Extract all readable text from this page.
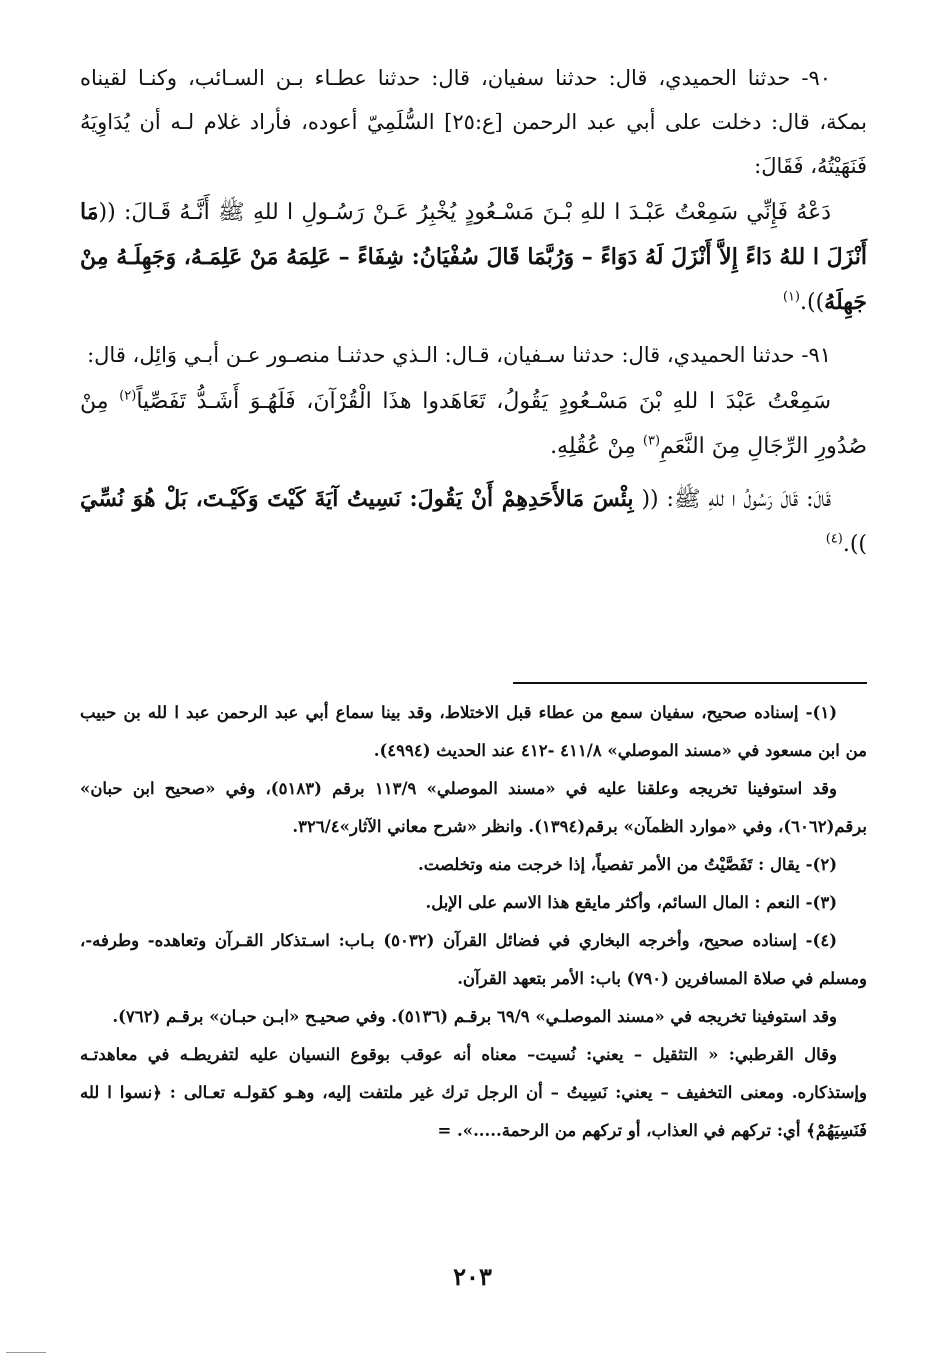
٩٠- حدثنا الحميدي، قال: حدثنا سفيان، قال: حدثنا عطـاء بـن السـائب، وكنـا لقيناه بمكة، قال: دخلت على أبي عبد الرحمن [ع:٢٥] السُّلَمِيّ أعوده، فأراد غلام لـه أن يُدَاوِيَهُ فَنَهَيْتُهُ، فَقَالَ:

دَعْهُ فَإِنِّي سَمِعْتُ عَبْـدَ ا للهِ بْـنَ مَسْـعُودٍ يُخْبِرُ عَـنْ رَسُـولِ ا للهِ ﷺ أَنَّـهُ قَـالَ: ((مَا أَنْزَلَ ا للهُ دَاءً إِلاَّ أَنْزَلَ لَهُ دَوَاءً – وَرُبَّمَا قَالَ سُفْيَانُ: شِفَاءً – عَلِمَهُ مَنْ عَلِمَـهُ، وَجَهِلَـهُ مِنْ جَهِلَهُ)).$^{(١)}$

٩١- حدثنا الحميدي، قال: حدثنا سـفيان، قـال: الـذي حدثنـا منصـور عـن أبـي وَائِل، قال:

سَمِعْتُ عَبْدَ ا للهِ بْنَ مَسْـعُودٍ يَقُولُ، تَعَاهَدوا هذَا الْقُرْآنَ، فَلَهُـوَ أَشَـدُّ تَفَصِّياً$^{(٢)}$ مِنْ صُدُورِ الرِّجَالِ مِنَ النَّعَمِ$^{(٣)}$ مِنْ عُقُلِهِ.

قَالَ: قَالَ رَسُولُ ا للهِ ﷺ: (( بِئْسَ مَالأَحَدِهِمْ أَنْ يَقُولَ: نَسِيتُ آيَةَ كَيْتَ وَكَيْـتَ، بَلْ هُوَ نُسِّيَ )).$^{(٤)}$

(١)- إسناده صحيح، سفيان سمع من عطاء قبل الاختلاط، وقد بينا سماع أبي عبد الرحمن عبد ا لله بن حبيب من ابن مسعود في «مسند الموصلي» ٤١١/٨ -٤١٢ عند الحديث (٤٩٩٤).

وقد استوفينا تخريجه وعلقنا عليه في «مسند الموصلي» ١١٣/٩ برقم (٥١٨٣)، وفي «صحيح ابن حبان» برقم(٦٠٦٢)، وفي «موارد الظمآن» برقم(١٣٩٤). وانظر «شرح معاني الآثار»٣٢٦/٤.

(٢)- يقال : تَفَصَّيْتُ من الأمر تفصياً، إذا خرجت منه وتخلصت.

(٣)- النعم : المال السائم، وأكثر مايقع هذا الاسم على الإبل.

(٤)- إسناده صحيح، وأخرجه البخاري في فضائل القرآن (٥٠٣٢) بـاب: اسـتذكار القـرآن وتعاهده- وطرفه-، ومسلم في صلاة المسافرين (٧٩٠) باب: الأمر بتعهد القرآن.

وقد استوفينا تخريجه في «مسند الموصلـي» ٦٩/٩ برقـم (٥١٣٦). وفي صحيـح «ابـن حبـان» برقـم (٧٦٢).

وقال القرطبي: « التثقيل – يعني: نُسيت– معناه أنه عوقب بوقوع النسيان عليه لتفريطـه في معاهدتـه وإستذكاره. ومعنى التخفيف – يعني: نَسِيتُ – أن الرجل ترك غير ملتفت إليه، وهـو كقولـه تعـالى : ﴿نسوا ا لله فَنَسِيَهُمْ﴾ أي: تركهم في العذاب، أو تركهم من الرحمة.....». =

٢٠٣
